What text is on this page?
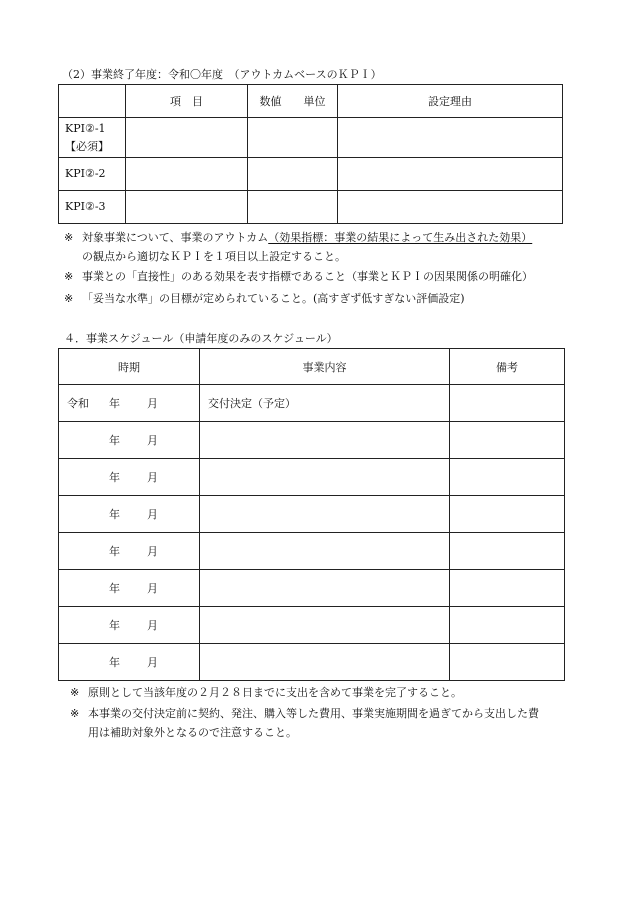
（2）事業終了年度：令和〇年度　（アウトカムベースのＫＰＩ）
	項　目	数値　　単位	設定理由

KPI②-1
【必須】			

KPI②-2			
KPI②-3			
※ 対象事業について、事業のアウトカム（効果指標：事業の結果によって生み出された効果）
の観点から適切なＫＰＩを１項目以上設定すること。
※ 事業との「直接性」のある効果を表す指標であること（事業とＫＰＩの因果関係の明確化）
※ 「妥当な水準」の目標が定められていること。(高すぎず低すぎない評価設定)
４．事業スケジュール（申請年度のみのスケジュール）
時期	事業内容	備考
令和 年 月	交付決定（予定）	
年 月		
年 月		
年 月		
年 月		
年 月		
年 月		
年 月		
※ 原則として当該年度の２月２８日までに支出を含めて事業を完了すること。
※ 本事業の交付決定前に契約、発注、購入等した費用、事業実施期間を過ぎてから支出した費
用は補助対象外となるので注意すること。
